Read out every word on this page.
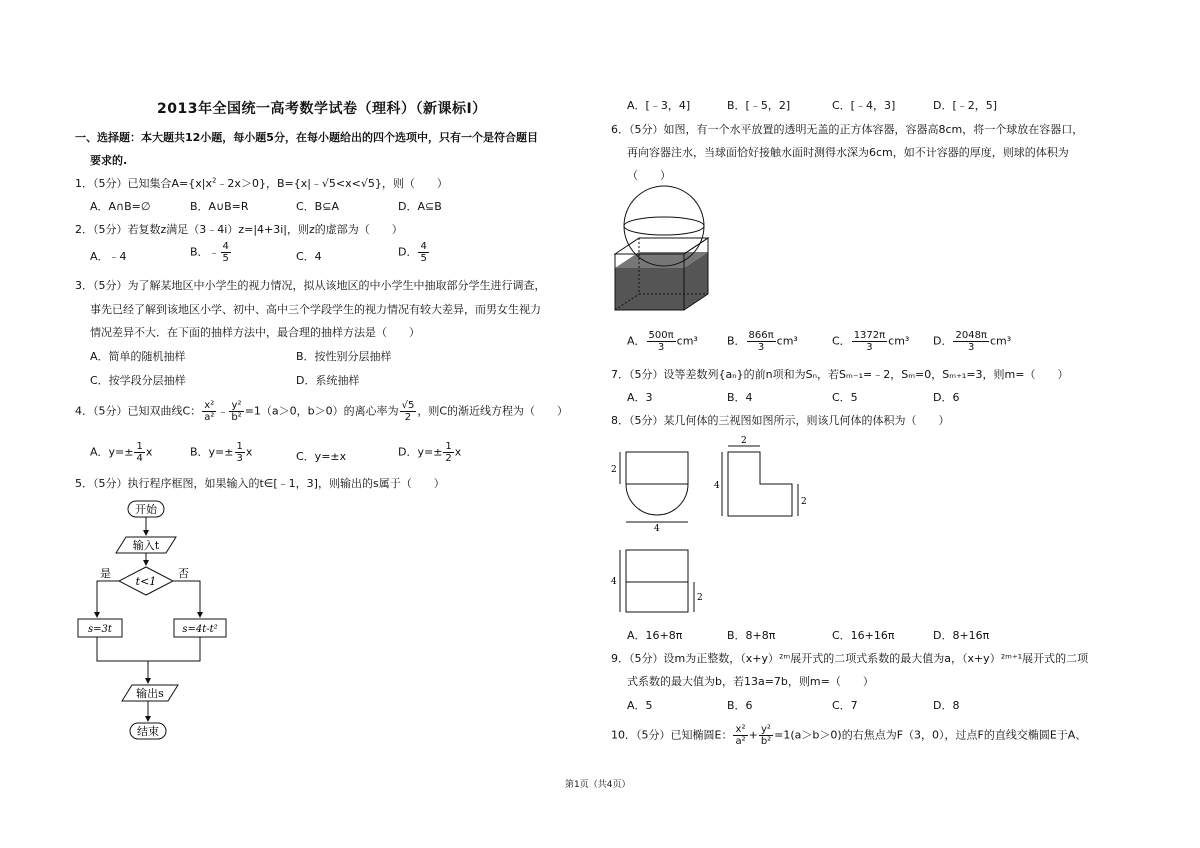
2013年全国统一高考数学试卷（理科）（新课标Ⅰ）
一、选择题：本大题共12小题，每小题5分，在每小题给出的四个选项中，只有一个是符合题目
要求的.
1．（5分）已知集合$A=\{x|x^2﹣2x>0\}$，B={x|﹣√5<x<√5}，则（　　）
A．A∩B=∅	B．A∪B=R	C．B⊆A	D．A⊆B
2．（5分）若复数z满足（3﹣4i）z=|4+3i|，则z的虚部为（　　）
A．﹣4	B．﹣ $\frac{4}{5}$	C．4	D． $\frac{4}{5}$
3．（5分）为了解某地区中小学生的视力情况，拟从该地区的中小学生中抽取部分学生进行调查，
事先已经了解到该地区小学、初中、高中三个学段学生的视力情况有较大差异，而男女生视力
情况差异不大．在下面的抽样方法中，最合理的抽样方法是（　　）
A．简单的随机抽样	B．按性别分层抽样
C．按学段分层抽样	D．系统抽样
4．（5分）已知双曲线C： $\frac{\text{x²}}{\text{a²}}$ ﹣ $\frac{\text{y²}}{\text{b²}} =1(a>0$，b＞0）的离心率为 $\frac{√5}{2}$ ，则C的渐近线方程为（　　）
A．$y=\pm \frac{1}{4}$ x	B．$y=\pm \frac{1}{3}$ x	C．y=±x	D．$y=\pm \frac{1}{2}$ x
5．（5分）执行程序框图，如果输入的t∈[﹣1，3]，则输出的s属于（　　）
开始
输入t
t<1
是	否
s=3t	s=4t-t²
输出s
结束
A．[﹣3，4]	B．[﹣5，2]	C．[﹣4，3]	D．[﹣2，5]
6．（5分）如图，有一个水平放置的透明无盖的正方体容器，容器高8cm，将一个球放在容器口，
再向容器注水，当球面恰好接触水面时测得水深为6cm，如不计容器的厚度，则球的体积为
（　　）
A． $\frac{500\pi}{3} cm^3$	B． $\frac{866\pi}{3} cm^3$	C． $\frac{1372\pi}{3} cm^3$ D． $\frac{2048\pi}{3} cm^3$
7．（5分）设等差数列{aₙ}的前n项和为Sₙ，若Sₘ₋₁=﹣2，Sₘ=0，Sₘ₊₁=3，则m=（　　）
A．3	B．4	C．5	D．6
8．（5分）某几何体的三视图如图所示，则该几何体的体积为（　　）
2
4
2
4
2
4
2
A．16+8π	B．8+8π	C．16+16π	D．8+16π
9．（5分）设m为正整数，（x+y）²ᵐ展开式的二项式系数的最大值为a，（x+y）²ᵐ⁺¹展开式的二项
式系数的最大值为b，若13a=7b，则m=（　　）
A．5	B．6	C．7	D．8
10．（5分）已知椭圆E： $\frac{\text{x²}}{\text{a²}} + \frac{\text{y²}}{\text{b²}} =1(a>b>0)$的右焦点为F（3，0），过点F的直线交椭圆E于A、
第1页（共4页）
